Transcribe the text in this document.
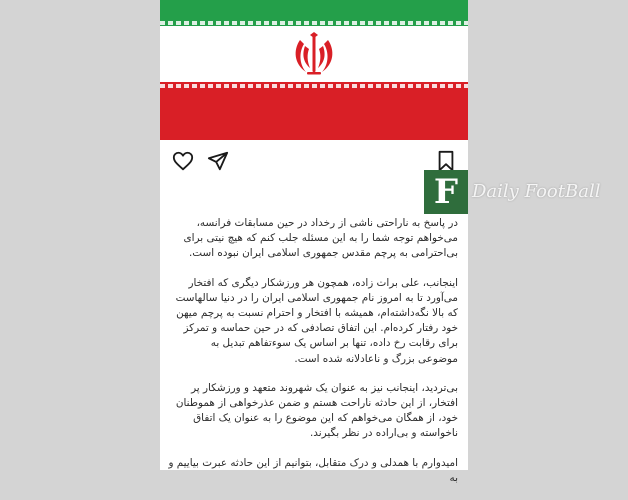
در پاسخ به ناراحتی ناشی از رخداد در حین مسابقات فرانسه، می‌خواهم توجه شما را به این مسئله جلب کنم که هیچ نیتی برای بی‌احترامی به پرچم مقدس جمهوری اسلامی ایران نبوده است.

اینجانب، علی برات زاده، همچون هر ورزشکار دیگری که افتخار می‌آورد تا به امروز نام جمهوری اسلامی ایران را در دنیا سالهاست که بالا نگه‌داشته‌ام، همیشه با افتخار و احترام نسبت به پرچم میهن خود رفتار کرده‌ام. این اتفاق تصادفی که در حین حماسه و تمرکز برای رقابت رخ داده، تنها بر اساس یک سوء‌تفاهم تبدیل به موضوعی بزرگ و ناعادلانه شده است.

بی‌تردید، اینجانب نیز به عنوان یک شهروند متعهد و ورزشکار پر افتخار، از این حادثه ناراحت هستم و ضمن عذرخواهی از هموطنان خود، از همگان می‌خواهم که این موضوع را به عنوان یک اتفاق ناخواسته و بی‌اراده در نظر بگیرند.

امیدوارم با همدلی و درک متقابل، بتوانیم از این حادثه عبرت بیاییم و به

F Daily FootBall
